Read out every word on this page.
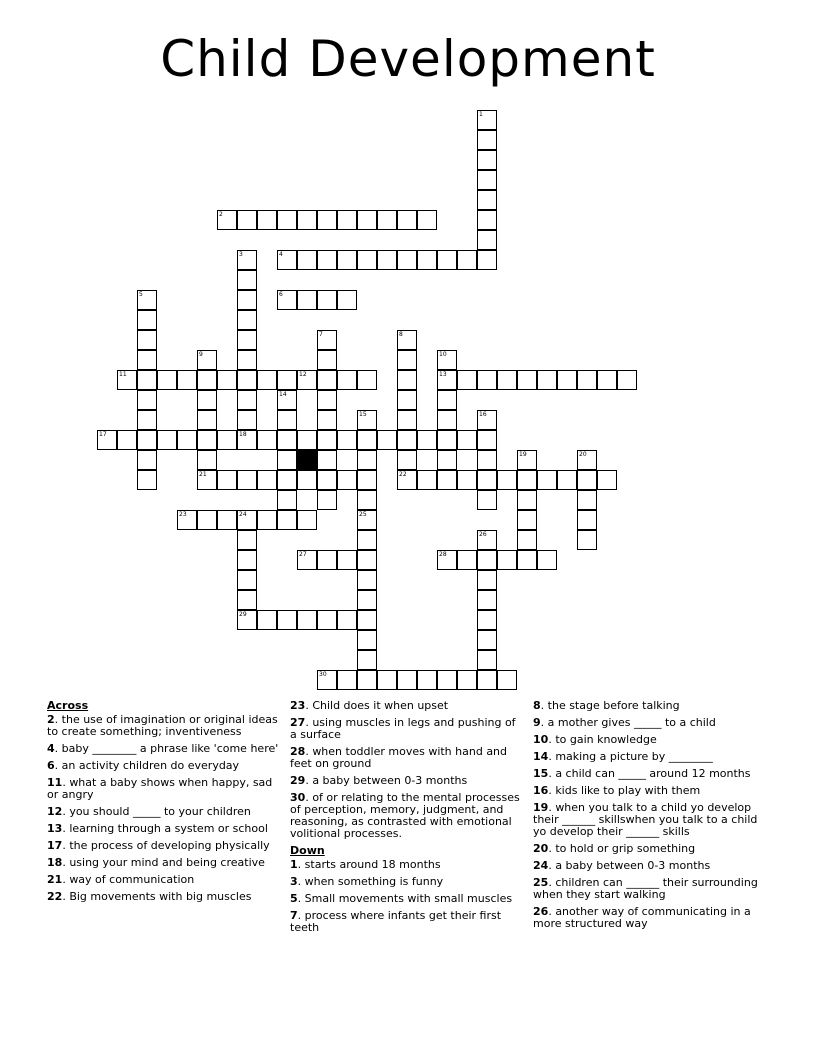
Child Development
1
2
3	4
6
5
7	8
22
9	10
13
11	12
14
15	16
17	18
19	20
21
23	24
29
25
26
27	28
30
Across
2. the use of imagination or original ideas to create something; inventiveness
4. baby ________ a phrase like 'come here'
6. an activity children do everyday
11. what a baby shows when happy, sad or angry
12. you should _____ to your children
13. learning through a system or school
17. the process of developing physically
18. using your mind and being creative
21. way of communication
22. Big movements with big muscles
23. Child does it when upset
27. using muscles in legs and pushing of a surface
28. when toddler moves with hand and feet on ground
29. a baby between 0-3 months
30. of or relating to the mental processes of perception, memory, judgment, and reasoning, as contrasted with emotional volitional processes.
Down
1. starts around 18 months
3. when something is funny
5. Small movements with small muscles
7. process where infants get their first teeth
8. the stage before talking
9. a mother gives _____ to a child
10. to gain knowledge
14. making a picture by ________
15. a child can _____ around 12 months
16. kids like to play with them
19. when you talk to a child yo develop their ______ skillswhen you talk to a child yo develop their ______ skills
20. to hold or grip something
24. a baby between 0-3 months
25. children can ______ their surrounding when they start walking
26. another way of communicating in a more structured way
